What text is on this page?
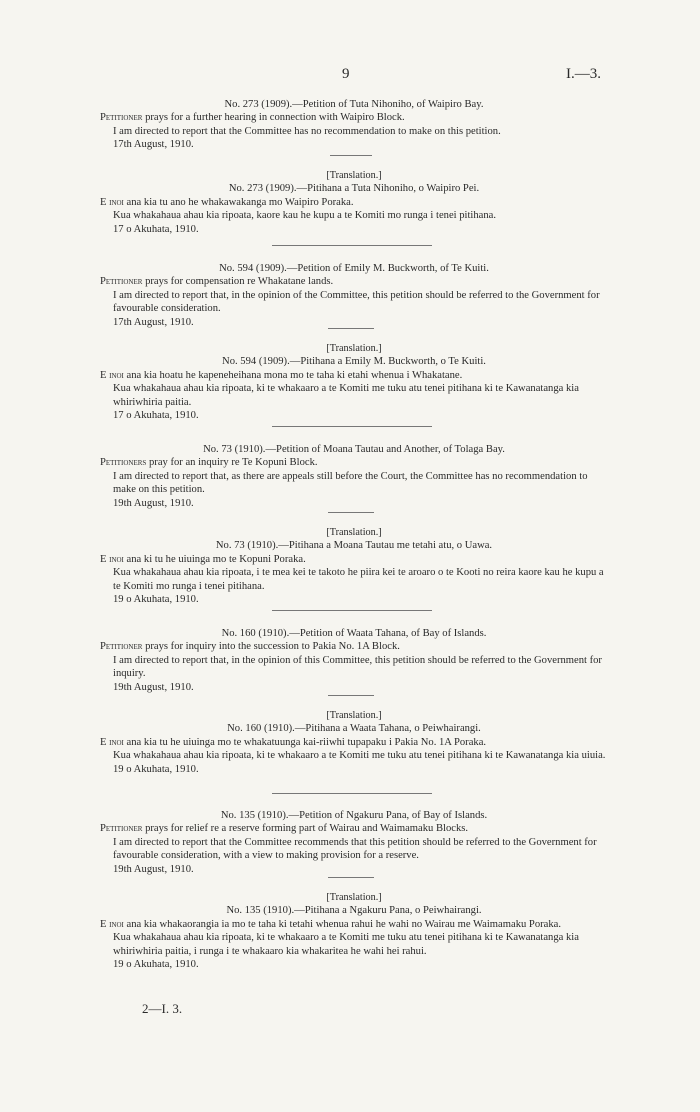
9	I.—3.

No. 273 (1909).—Petition of Tuta Nihoniho, of Waipiro Bay.

Petitioner prays for a further hearing in connection with Waipiro Block.

I am directed to report that the Committee has no recommendation to make on this petition.

17th August, 1910.

[Translation.]

No. 273 (1909).—Pitihana a Tuta Nihoniho, o Waipiro Pei.

E inoi ana kia tu ano he whakawakanga mo Waipiro Poraka.

Kua whakahaua ahau kia ripoata, kaore kau he kupu a te Komiti mo runga i tenei pitihana.

17 o Akuhata, 1910.

No. 594 (1909).—Petition of Emily M. Buckworth, of Te Kuiti.

Petitioner prays for compensation re Whakatane lands.

I am directed to report that, in the opinion of the Committee, this petition should be referred to the Government for favourable consideration.

17th August, 1910.

[Translation.]

No. 594 (1909).—Pitihana a Emily M. Buckworth, o Te Kuiti.

E inoi ana kia hoatu he kapeneheihana mona mo te taha ki etahi whenua i Whakatane.

Kua whakahaua ahau kia ripoata, ki te whakaaro a te Komiti me tuku atu tenei pitihana ki te Kawanatanga kia whiriwhiria paitia.

17 o Akuhata, 1910.

No. 73 (1910).—Petition of Moana Tautau and Another, of Tolaga Bay.

Petitioners pray for an inquiry re Te Kopuni Block.

I am directed to report that, as there are appeals still before the Court, the Committee has no recommendation to make on this petition.

19th August, 1910.

[Translation.]

No. 73 (1910).—Pitihana a Moana Tautau me tetahi atu, o Uawa.

E inoi ana ki tu he uiuinga mo te Kopuni Poraka.

Kua whakahaua ahau kia ripoata, i te mea kei te takoto he piira kei te aroaro o te Kooti no reira kaore kau he kupu a te Komiti mo runga i tenei pitihana.

19 o Akuhata, 1910.

No. 160 (1910).—Petition of Waata Tahana, of Bay of Islands.

Petitioner prays for inquiry into the succession to Pakia No. 1A Block.

I am directed to report that, in the opinion of this Committee, this petition should be referred to the Government for inquiry.

19th August, 1910.

[Translation.]

No. 160 (1910).—Pitihana a Waata Tahana, o Peiwhairangi.

E inoi ana kia tu he uiuinga mo te whakatuunga kai-riiwhi tupapaku i Pakia No. 1A Poraka.

Kua whakahaua ahau kia ripoata, ki te whakaaro a te Komiti me tuku atu tenei pitihana ki te Kawanatanga kia uiuia.

19 o Akuhata, 1910.

No. 135 (1910).—Petition of Ngakuru Pana, of Bay of Islands.

Petitioner prays for relief re a reserve forming part of Wairau and Waimamaku Blocks.

I am directed to report that the Committee recommends that this petition should be referred to the Government for favourable consideration, with a view to making provision for a reserve.

19th August, 1910.

[Translation.]

No. 135 (1910).—Pitihana a Ngakuru Pana, o Peiwhairangi.

E inoi ana kia whakaorangia ia mo te taha ki tetahi whenua rahui he wahi no Wairau me Waimamaku Poraka.

Kua whakahaua ahau kia ripoata, ki te whakaaro a te Komiti me tuku atu tenei pitihana ki te Kawanatanga kia whiriwhiria paitia, i runga i te whakaaro kia whakaritea he wahi hei rahui.

19 o Akuhata, 1910.

2—I. 3.
